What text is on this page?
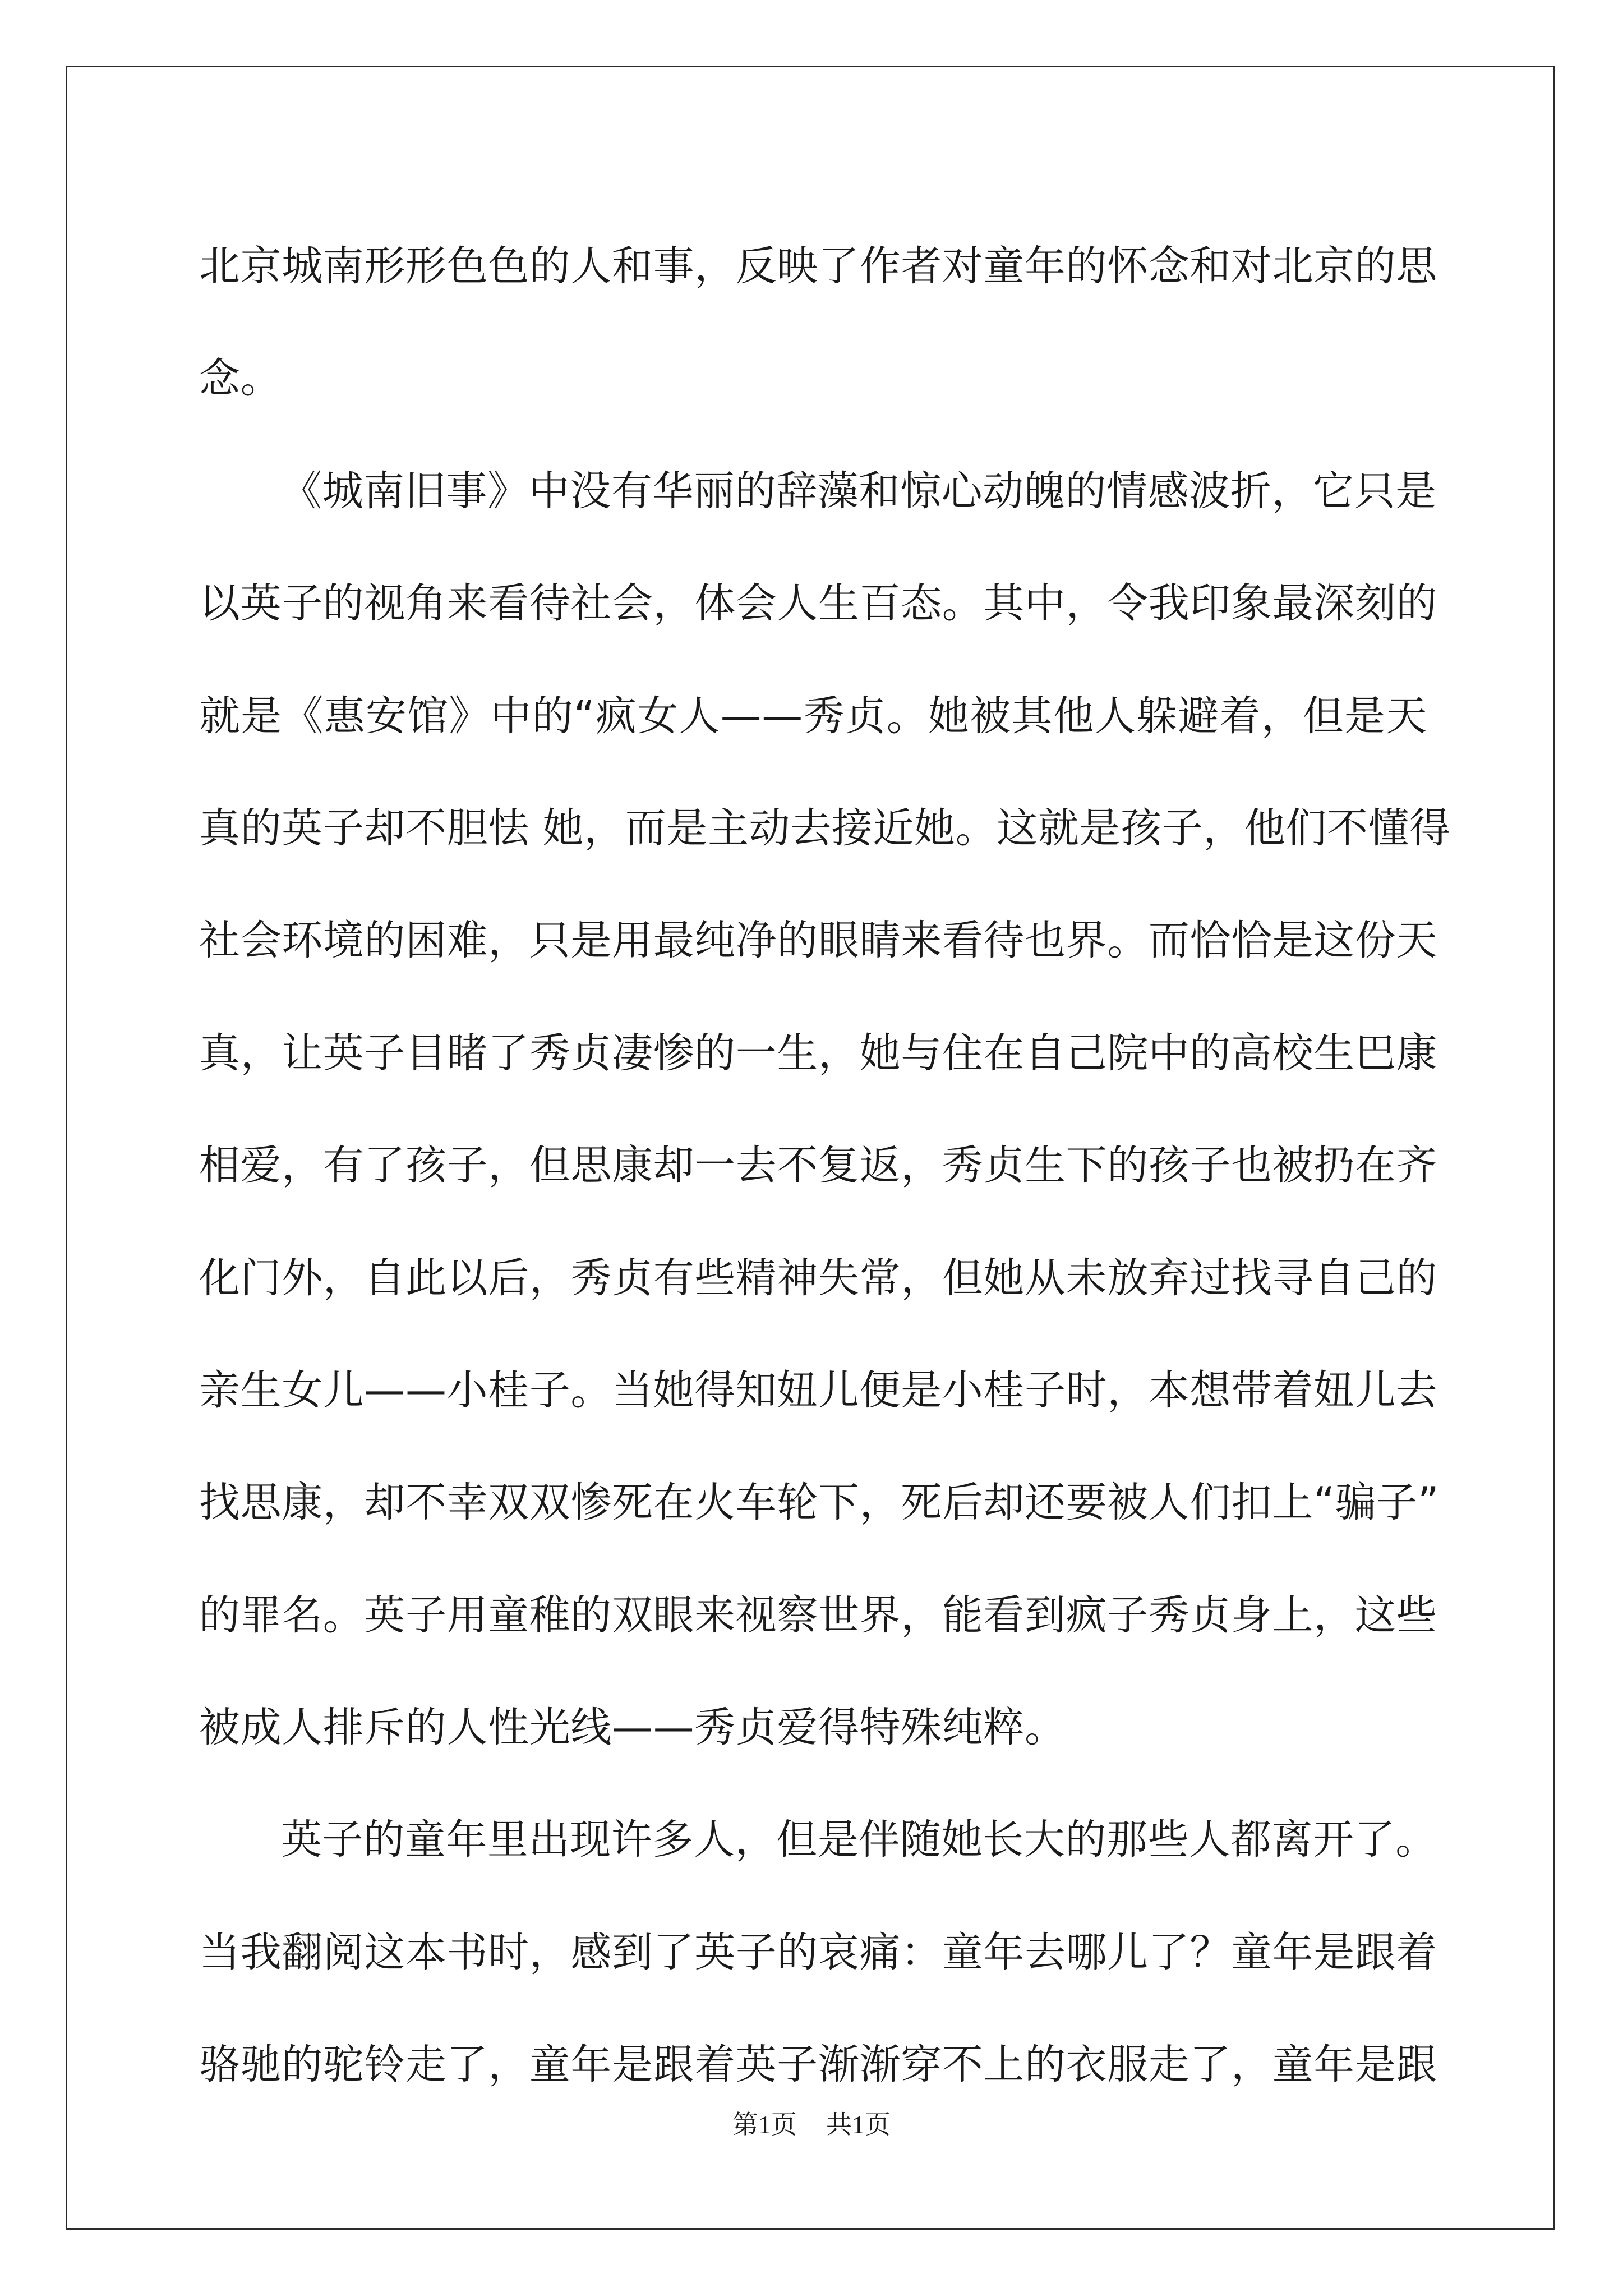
北京城南形形色色的人和事，反映了作者对童年的怀念和对北京的思
念。
《城南旧事》中没有华丽的辞藻和惊心动魄的情感波折，它只是
以英子的视角来看待社会，体会人生百态。其中，令我印象最深刻的
就是《惠安馆》中的“疯女人——秀贞。她被其他人躲避着，但是天
真的英子却不胆怯 她，而是主动去接近她。这就是孩子，他们不懂得
社会环境的困难，只是用最纯净的眼睛来看待也界。而恰恰是这份天
真，让英子目睹了秀贞凄惨的一生，她与住在自己院中的高校生巴康
相爱，有了孩子，但思康却一去不复返，秀贞生下的孩子也被扔在齐
化门外，自此以后，秀贞有些精神失常，但她从未放弃过找寻自己的
亲生女儿——小桂子。当她得知妞儿便是小桂子时，本想带着妞儿去
找思康，却不幸双双惨死在火车轮下，死后却还要被人们扣上“骗子”
的罪名。英子用童稚的双眼来视察世界，能看到疯子秀贞身上，这些
被成人排斥的人性光线——秀贞爱得特殊纯粹。
英子的童年里出现许多人，但是伴随她长大的那些人都离开了。
当我翻阅这本书时，感到了英子的哀痛：童年去哪儿了？童年是跟着
骆驰的驼铃走了，童年是跟着英子渐渐穿不上的衣服走了，童年是跟
第1页 共1页
